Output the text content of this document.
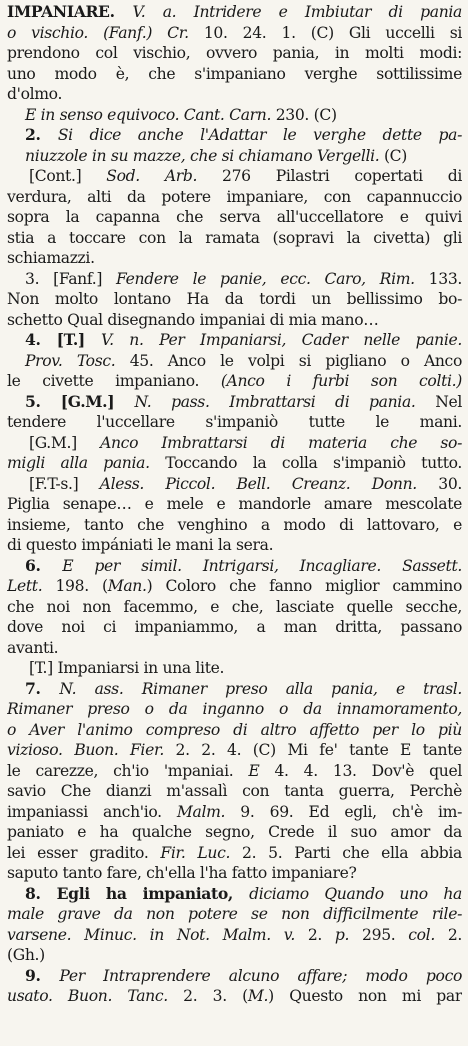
IMPANIARE. V. a. Intridere e Imbiutar di pania
o vischio. (Fanf.) Cr. 10. 24. 1. (C) Gli uccelli si
prendono col vischio, ovvero pania, in molti modi:
uno modo è, che s'impaniano verghe sottilissime
d'olmo.
E in senso equivoco. Cant. Carn. 230. (C)
2. Si dice anche l'Adattar le verghe dette pa-
niuzzole in su mazze, che si chiamano Vergelli. (C)
[Cont.] Sod. Arb. 276 Pilastri copertati di
verdura, alti da potere impaniare, con capannuccio
sopra la capanna che serva all'uccellatore e quivi
stia a toccare con la ramata (sopravi la civetta) gli
schiamazzi.
3. [Fanf.] Fendere le panie, ecc. Caro, Rim. 133.
Non molto lontano Ha da tordi un bellissimo bo-
schetto Qual disegnando impaniai di mia mano…
4. [T.] V. n. Per Impaniarsi, Cader nelle panie.
Prov. Tosc. 45. Anco le volpi si pigliano o Anco
le civette impaniano. (Anco i furbi son colti.)
5. [G.M.] N. pass. Imbrattarsi di pania. Nel
tendere l'uccellare s'impaniò tutte le mani.
[G.M.] Anco Imbrattarsi di materia che so-
migli alla pania. Toccando la colla s'impaniò tutto.
[F.T-s.] Aless. Piccol. Bell. Creanz. Donn. 30.
Piglia senape… e mele e mandorle amare mescolate
insieme, tanto che venghino a modo di lattovaro, e
di questo impániati le mani la sera.
6. E per simil. Intrigarsi, Incagliare. Sassett.
Lett. 198. (Man.) Coloro che fanno miglior cammino
che noi non facemmo, e che, lasciate quelle secche,
dove noi ci impaniammo, a man dritta, passano
avanti.
[T.] Impaniarsi in una lite.
7. N. ass. Rimaner preso alla pania, e trasl.
Rimaner preso o da inganno o da innamoramento,
o Aver l'animo compreso di altro affetto per lo più
vizioso. Buon. Fier. 2. 2. 4. (C) Mi fe' tante E tante
le carezze, ch'io 'mpaniai. E 4. 4. 13. Dov'è quel
savio Che dianzi m'assalì con tanta guerra, Perchè
impaniassi anch'io. Malm. 9. 69. Ed egli, ch'è im-
paniato e ha qualche segno, Crede il suo amor da
lei esser gradito. Fir. Luc. 2. 5. Parti che ella abbia
saputo tanto fare, ch'ella l'ha fatto impaniare?
8. Egli ha impaniato, diciamo Quando uno ha
male grave da non potere se non difficilmente rile-
varsene. Minuc. in Not. Malm. v. 2. p. 295. col. 2.
(Gh.)
9. Per Intraprendere alcuno affare; modo poco
usato. Buon. Tanc. 2. 3. (M.) Questo non mi par
